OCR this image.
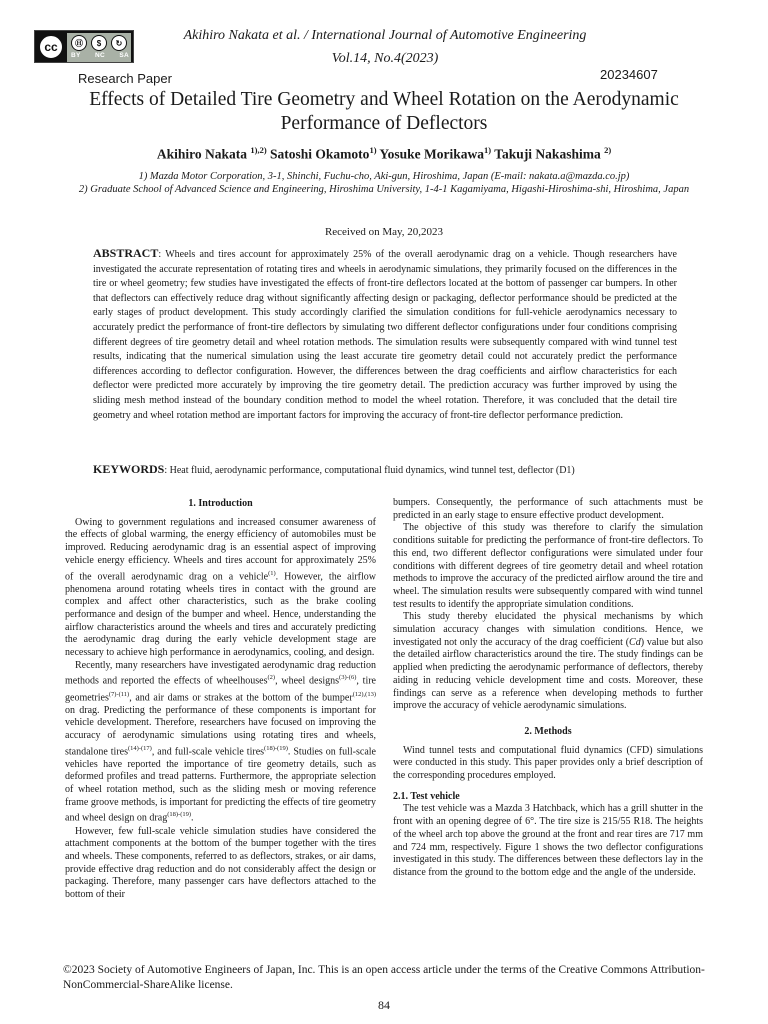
cc	Ⓗ	$	↻
BY NC SA
Akihiro Nakata et al. / International Journal of Automotive Engineering
Vol.14, No.4(2023)
Research Paper	20234607
Effects of Detailed Tire Geometry and Wheel Rotation on the Aerodynamic Performance of Deflectors
Akihiro Nakata $^{1),2)}$ Satoshi Okamoto$^{1)}$ Yosuke Morikawa$^{1)}$ Takuji Nakashima $^{2)}$
1) Mazda Motor Corporation, 3-1, Shinchi, Fuchu-cho, Aki-gun, Hiroshima, Japan (E-mail: nakata.a@mazda.co.jp)
2) Graduate School of Advanced Science and Engineering, Hiroshima University, 1-4-1 Kagamiyama, Higashi-Hiroshima-shi, Hiroshima, Japan
Received on May, 20,2023
ABSTRACT: Wheels and tires account for approximately 25% of the overall aerodynamic drag on a vehicle. Though researchers have investigated the accurate representation of rotating tires and wheels in aerodynamic simulations, they primarily focused on the differences in the tire or wheel geometry; few studies have investigated the effects of front-tire deflectors located at the bottom of passenger car bumpers. In other that deflectors can effectively reduce drag without significantly affecting design or packaging, deflector performance should be predicted at the early stages of product development. This study accordingly clarified the simulation conditions for full-vehicle aerodynamics necessary to accurately predict the performance of front-tire deflectors by simulating two different deflector configurations under four conditions comprising different degrees of tire geometry detail and wheel rotation methods. The simulation results were subsequently compared with wind tunnel test results, indicating that the numerical simulation using the least accurate tire geometry detail could not accurately predict the performance differences according to deflector configuration. However, the differences between the drag coefficients and airflow characteristics for each deflector were predicted more accurately by improving the tire geometry detail. The prediction accuracy was further improved by using the sliding mesh method instead of the boundary condition method to model the wheel rotation. Therefore, it was concluded that the detail tire geometry and wheel rotation method are important factors for improving the accuracy of front-tire deflector performance prediction.
KEYWORDS: Heat fluid, aerodynamic performance, computational fluid dynamics, wind tunnel test, deflector (D1)
1. Introduction

Owing to government regulations and increased consumer awareness of the effects of global warming, the energy efficiency of automobiles must be improved. Reducing aerodynamic drag is an essential aspect of improving vehicle energy efficiency. Wheels and tires account for approximately 25% of the overall aerodynamic drag on a vehicle$^{(1)}$. However, the airflow phenomena around rotating wheels tires in contact with the ground are complex and affect other characteristics, such as the brake cooling performance and design of the bumper and wheel. Hence, understanding the airflow characteristics around the wheels and tires and accurately predicting the aerodynamic drag during the early vehicle development stage are necessary to achieve high performance in aerodynamics, cooling, and design.

Recently, many researchers have investigated aerodynamic drag reduction methods and reported the effects of wheelhouses$^{(2)}$, wheel designs$^{(3)-(6)}$, tire geometries$^{(7)-(11)}$, and air dams or strakes at the bottom of the bumper$^{(12),(13)}$ on drag. Predicting the performance of these components is important for vehicle development. Therefore, researchers have focused on improving the accuracy of aerodynamic simulations using rotating tires and wheels, standalone tires$^{(14)-(17)}$, and full-scale vehicle tires$^{(18)-(19)}$. Studies on full-scale vehicles have reported the importance of tire geometry details, such as deformed profiles and tread patterns. Furthermore, the appropriate selection of wheel rotation method, such as the sliding mesh or moving reference frame groove methods, is important for predicting the effects of tire geometry and wheel design on drag$^{(18)-(19)}$.

However, few full-scale vehicle simulation studies have considered the attachment components at the bottom of the bumper together with the tires and wheels. These components, referred to as deflectors, strakes, or air dams, provide effective drag reduction and do not considerably affect the design or packaging. Therefore, many passenger cars have deflectors attached to the bottom of their

bumpers. Consequently, the performance of such attachments must be predicted in an early stage to ensure effective product development.

The objective of this study was therefore to clarify the simulation conditions suitable for predicting the performance of front-tire deflectors. To this end, two different deflector configurations were simulated under four conditions with different degrees of tire geometry detail and wheel rotation methods to improve the accuracy of the predicted airflow around the tire and wheel. The simulation results were subsequently compared with wind tunnel test results to identify the appropriate simulation conditions.

This study thereby elucidated the physical mechanisms by which simulation accuracy changes with simulation conditions. Hence, we investigated not only the accuracy of the drag coefficient (Cd) value but also the detailed airflow characteristics around the tire. The study findings can be applied when predicting the aerodynamic performance of deflectors, thereby aiding in reducing vehicle development time and costs. Moreover, these findings can serve as a reference when developing methods to further improve the accuracy of vehicle aerodynamic simulations.

2. Methods

Wind tunnel tests and computational fluid dynamics (CFD) simulations were conducted in this study. This paper provides only a brief description of the corresponding procedures employed.

2.1. Test vehicle

The test vehicle was a Mazda 3 Hatchback, which has a grill shutter in the front with an opening degree of 6°. The tire size is 215/55 R18. The heights of the wheel arch top above the ground at the front and rear tires are 717 mm and 724 mm, respectively. Figure 1 shows the two deflector configurations investigated in this study. The differences between these deflectors lay in the distance from the ground to the bottom edge and the angle of the underside.

©2023 Society of Automotive Engineers of Japan, Inc. This is an open access article under the terms of the Creative Commons Attribution-NonCommercial-ShareAlike license.
84
